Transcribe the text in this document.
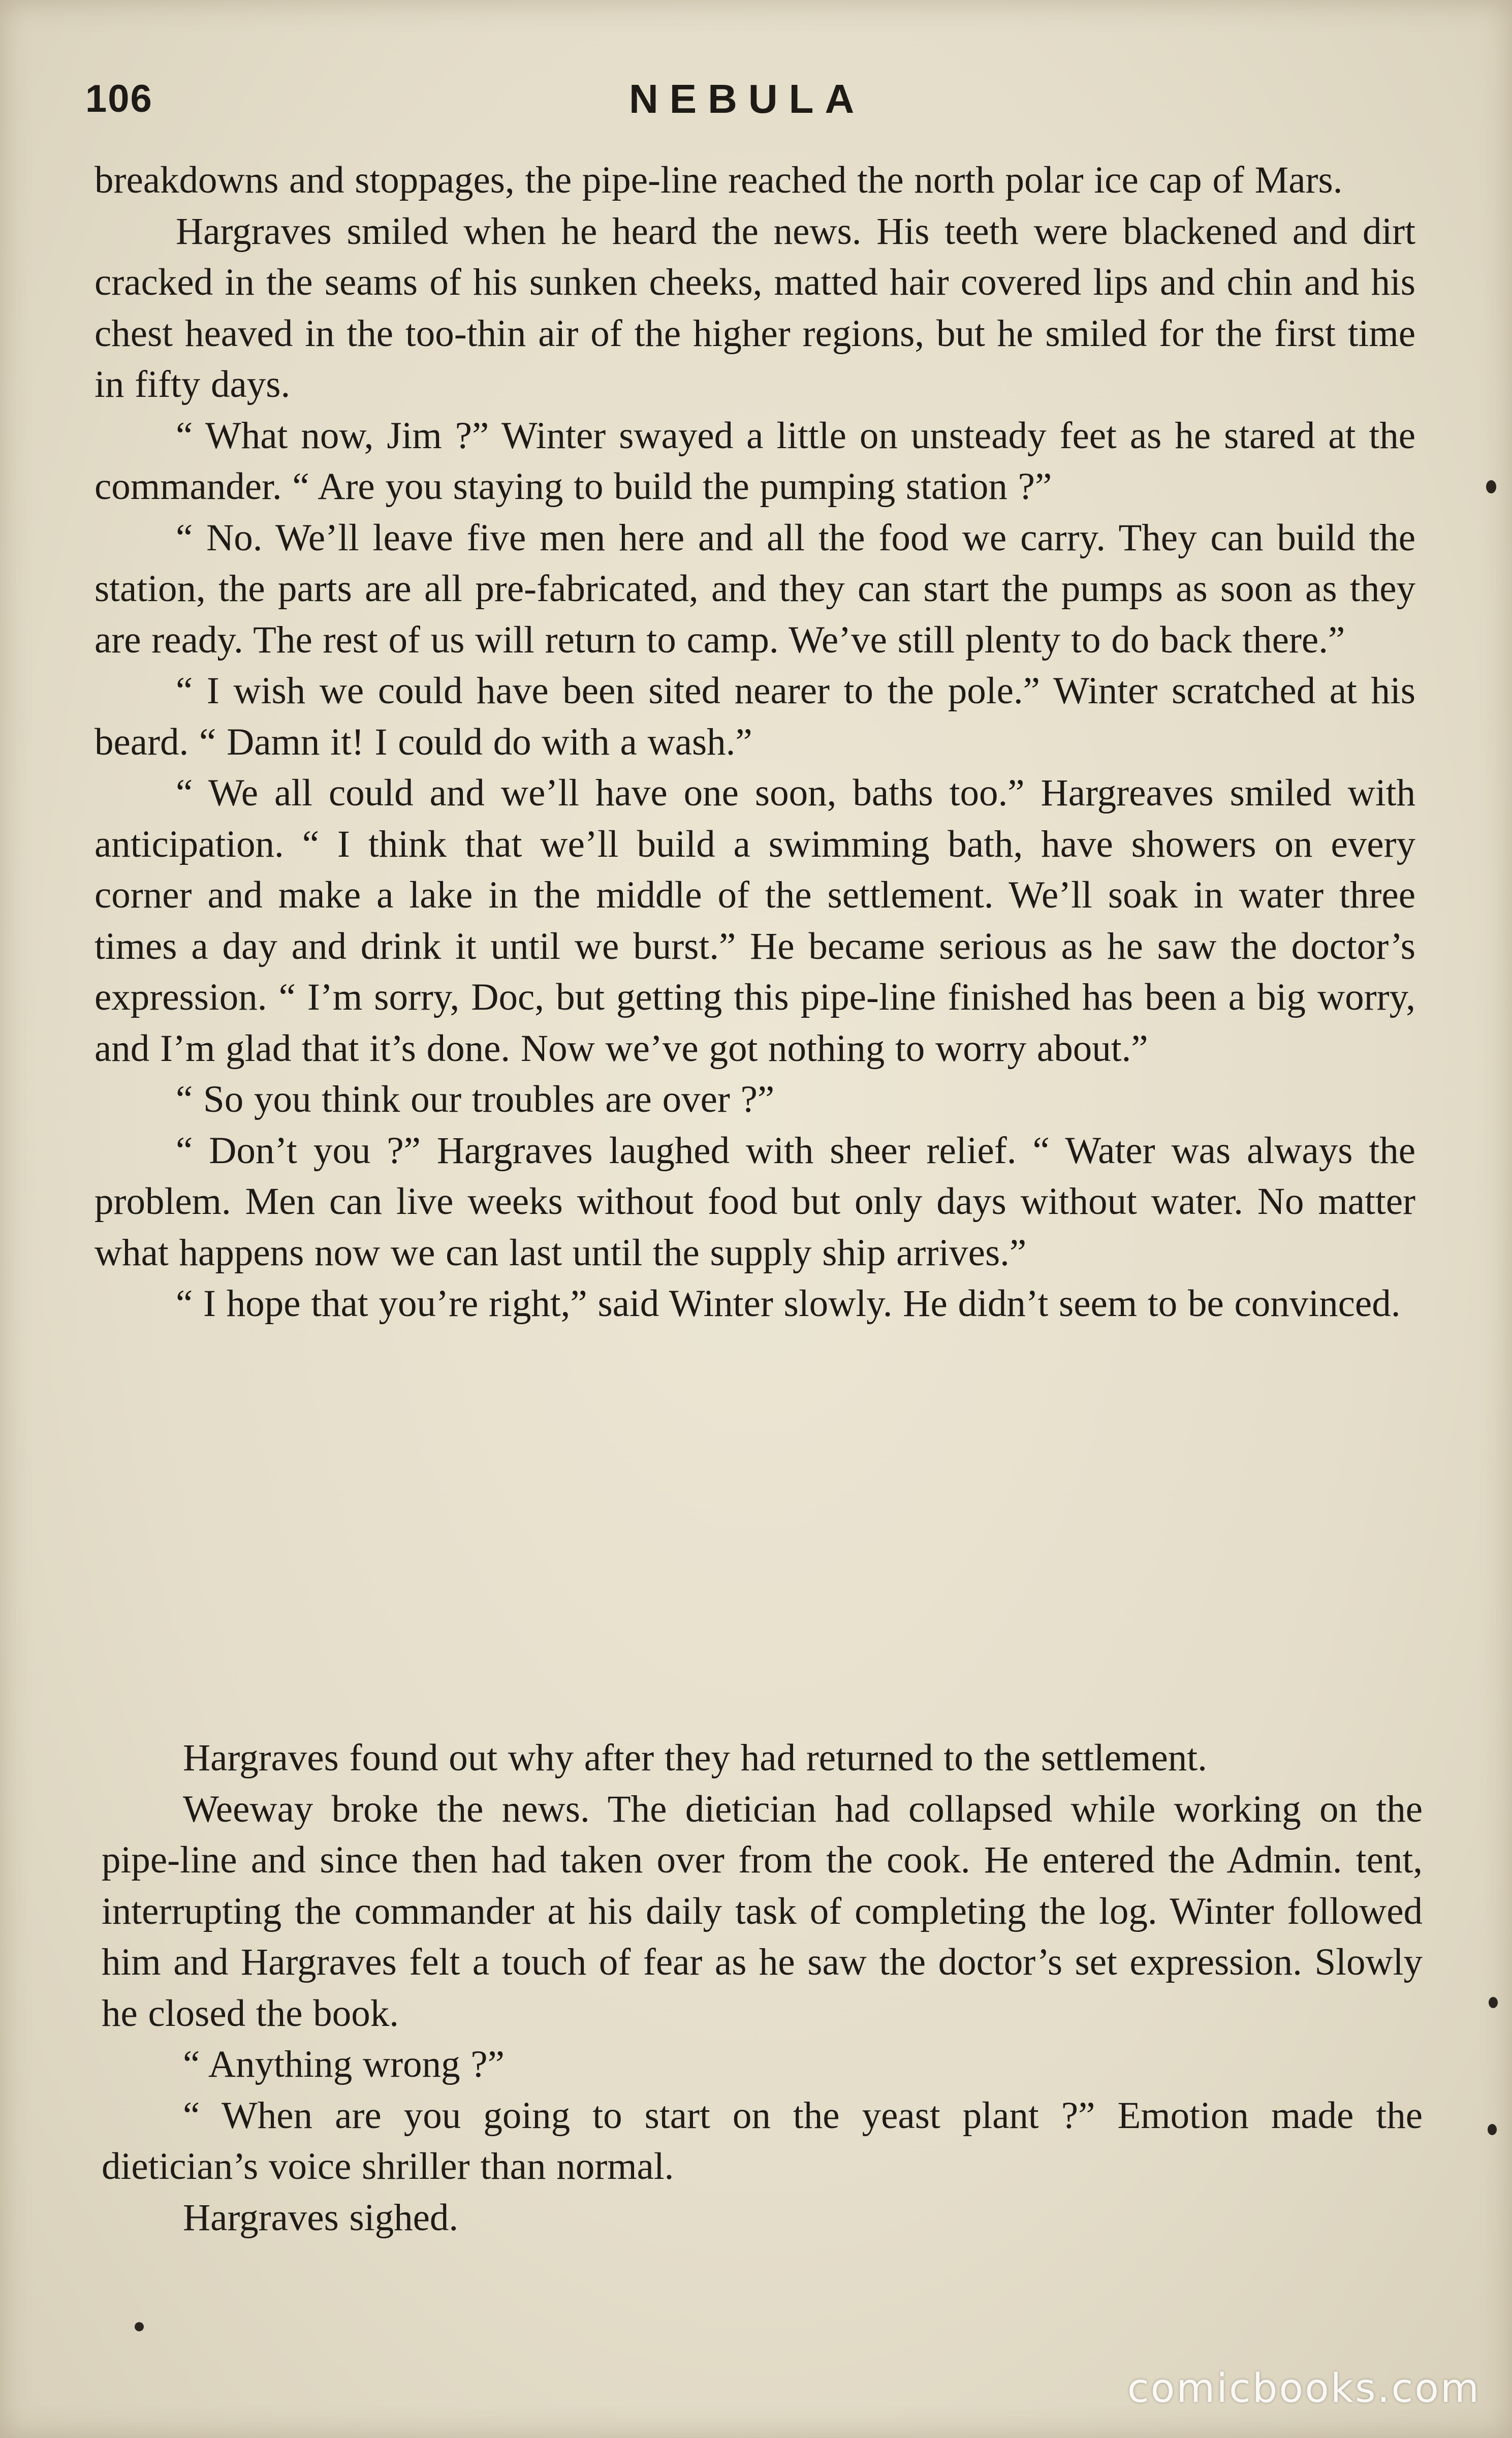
106	NEBULA

breakdowns and stoppages, the pipe-line reached the north polar ice cap of Mars.

Hargraves smiled when he heard the news. His teeth were blackened and dirt cracked in the seams of his sunken cheeks, matted hair covered lips and chin and his chest heaved in the too-thin air of the higher regions, but he smiled for the first time in fifty days.

“ What now, Jim ?” Winter swayed a little on unsteady feet as he stared at the commander. “ Are you staying to build the pumping station ?”

“ No. We’ll leave five men here and all the food we carry. They can build the station, the parts are all pre-fabricated, and they can start the pumps as soon as they are ready. The rest of us will return to camp. We’ve still plenty to do back there.”

“ I wish we could have been sited nearer to the pole.” Winter scratched at his beard. “ Damn it! I could do with a wash.”

“ We all could and we’ll have one soon, baths too.” Hargreaves smiled with anticipation. “ I think that we’ll build a swimming bath, have showers on every corner and make a lake in the middle of the settlement. We’ll soak in water three times a day and drink it until we burst.” He became serious as he saw the doctor’s expression. “ I’m sorry, Doc, but getting this pipe-line finished has been a big worry, and I’m glad that it’s done. Now we’ve got nothing to worry about.”

“ So you think our troubles are over ?”

“ Don’t you ?” Hargraves laughed with sheer relief. “ Water was always the problem. Men can live weeks without food but only days without water. No matter what happens now we can last until the supply ship arrives.”

“ I hope that you’re right,” said Winter slowly. He didn’t seem to be convinced.

Hargraves found out why after they had returned to the settlement.

Weeway broke the news. The dietician had collapsed while working on the pipe-line and since then had taken over from the cook. He entered the Admin. tent, interrupting the commander at his daily task of completing the log. Winter followed him and Hargraves felt a touch of fear as he saw the doctor’s set expression. Slowly he closed the book.

“ Anything wrong ?”

“ When are you going to start on the yeast plant ?” Emotion made the dietician’s voice shriller than normal.

Hargraves sighed.

comicbooks.com
